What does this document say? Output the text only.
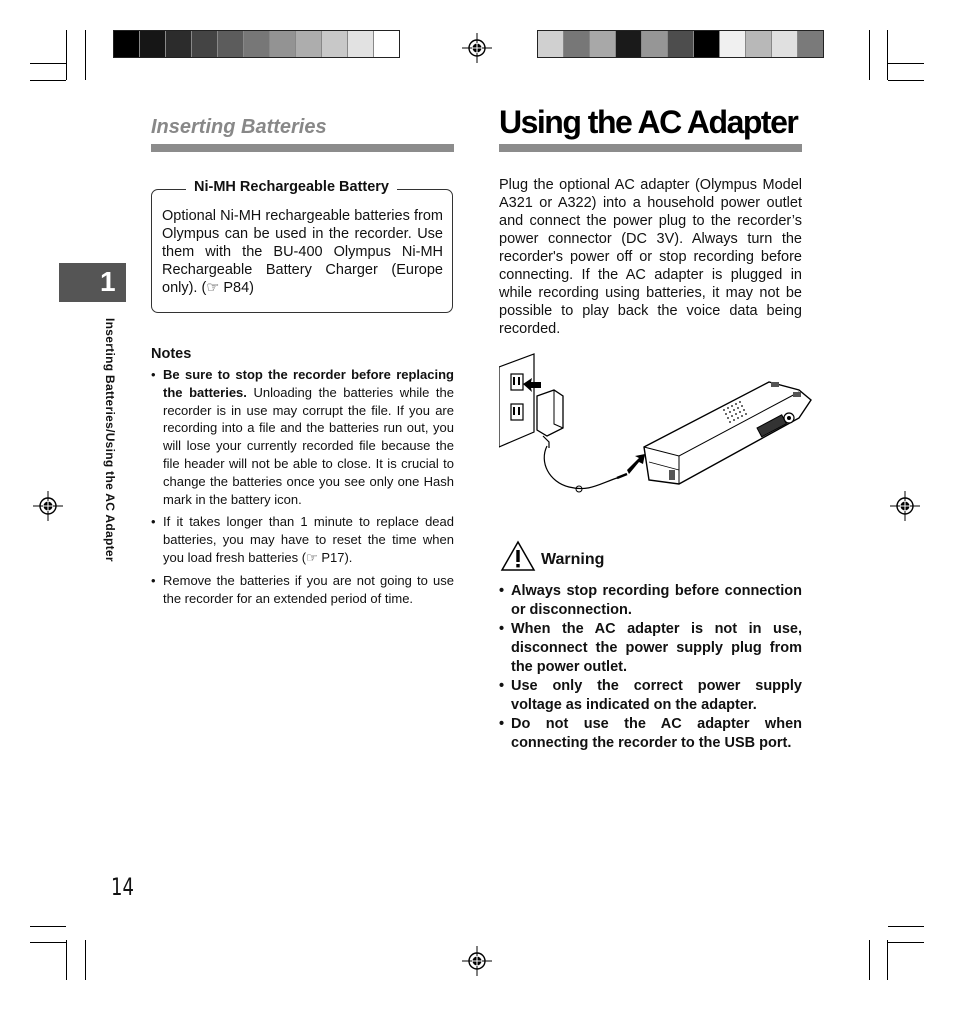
1
Inserting Batteries/Using the AC Adapter
Inserting Batteries
Ni-MH Rechargeable Battery
Optional Ni-MH rechargeable batteries from Olympus can be used in the recorder. Use them with the BU-400 Olympus Ni-MH Rechargeable Battery Charger (Europe only). (☞ P84)
Notes
• Be sure to stop the recorder before replacing the batteries. Unloading the batteries while the recorder is in use may corrupt the file. If you are recording into a file and the batteries run out, you will lose your currently recorded file because the file header will not be able to close. It is crucial to change the batteries once you see only one Hash mark in the battery icon.
• If it takes longer than 1 minute to replace dead batteries, you may have to reset the time when you load fresh batteries (☞ P17).
• Remove the batteries if you are not going to use the recorder for an extended period of time.
Using the AC Adapter
Plug the optional AC adapter (Olympus Model A321 or A322) into a household power outlet and connect the power plug to the recorder’s power connector (DC 3V). Always turn the recorder's power off or stop recording before connecting. If the AC adapter is plugged in while recording using batteries, it may not be possible to play back the voice data being recorded.
Warning
• Always stop recording before connection or disconnection.
• When the AC adapter is not in use, disconnect the power supply plug from the power outlet.
• Use only the correct power supply voltage as indicated on the adapter.
• Do not use the AC adapter when connecting the recorder to the USB port.
14
